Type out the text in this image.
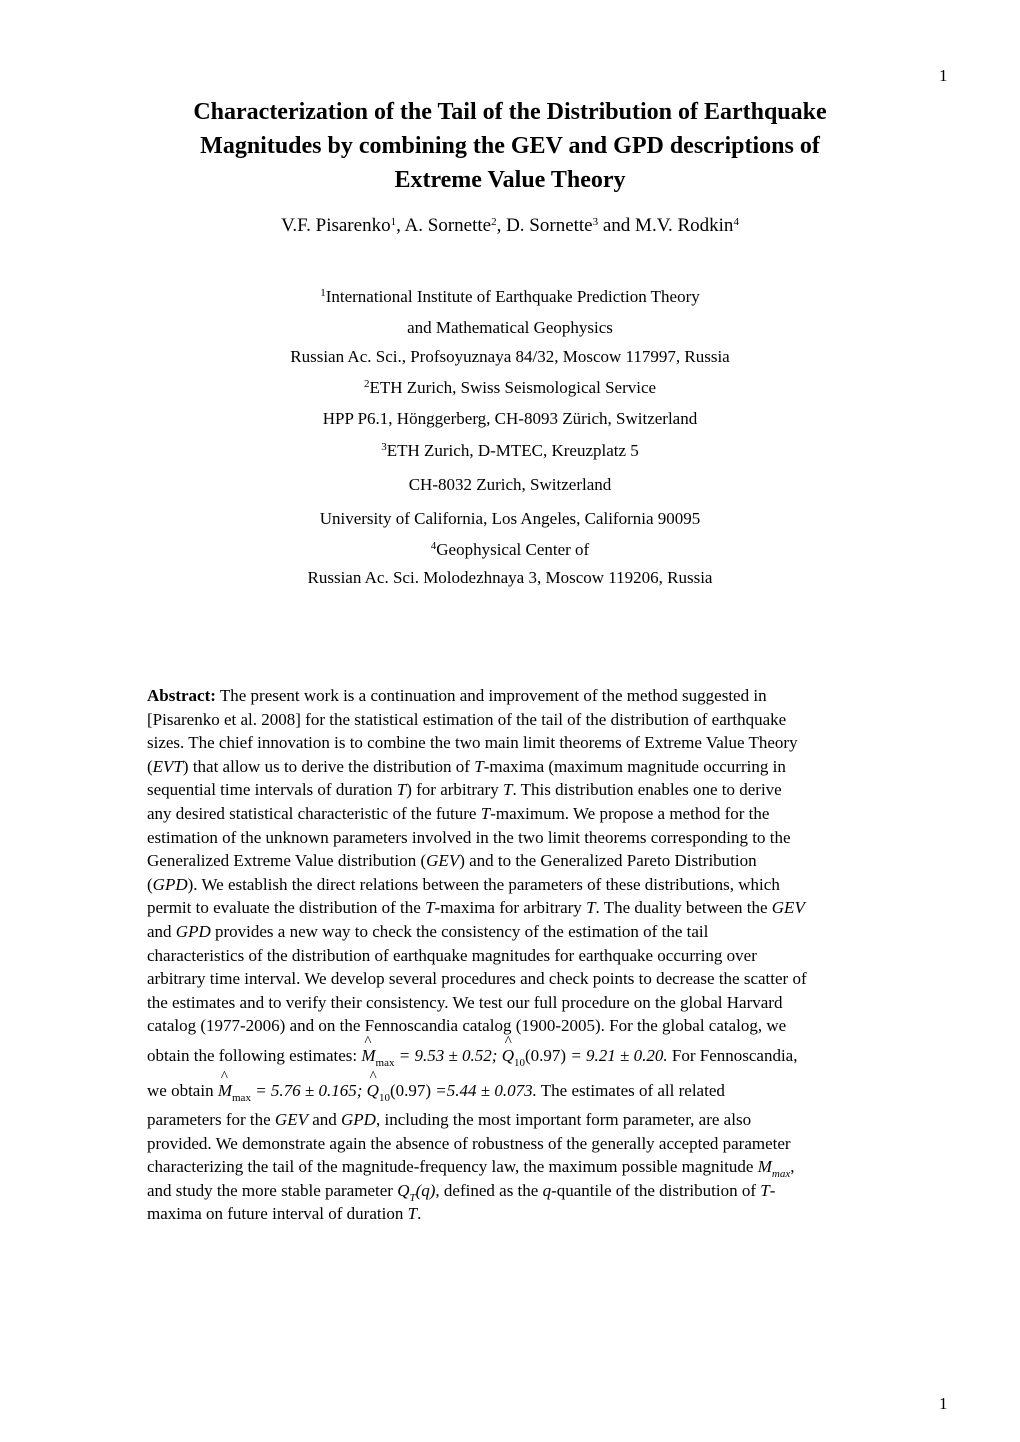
1
Characterization of the Tail of the Distribution of Earthquake
Magnitudes by combining the GEV and GPD descriptions of
Extreme Value Theory
V.F. Pisarenko$^1$, A. Sornette$^2$, D. Sornette$^3$ and M.V. Rodkin$^4$
$^1$International Institute of Earthquake Prediction Theory
and Mathematical Geophysics
Russian Ac. Sci., Profsoyuznaya 84/32, Moscow 117997, Russia
$^2$ETH Zurich, Swiss Seismological Service
HPP P6.1, Hönggerberg, CH-8093 Zürich, Switzerland
$^3$ETH Zurich, D-MTEC, Kreuzplatz 5
CH-8032 Zurich, Switzerland
University of California, Los Angeles, California 90095
$^4$Geophysical Center of
Russian Ac. Sci. Molodezhnaya 3, Moscow 119206, Russia
Abstract: The present work is a continuation and improvement of the method suggested in
[Pisarenko et al. 2008] for the statistical estimation of the tail of the distribution of earthquake
sizes. The chief innovation is to combine the two main limit theorems of Extreme Value Theory
(EVT) that allow us to derive the distribution of T-maxima (maximum magnitude occurring in
sequential time intervals of duration T) for arbitrary T. This distribution enables one to derive
any desired statistical characteristic of the future T-maximum. We propose a method for the
estimation of the unknown parameters involved in the two limit theorems corresponding to the
Generalized Extreme Value distribution (GEV) and to the Generalized Pareto Distribution
(GPD). We establish the direct relations between the parameters of these distributions, which
permit to evaluate the distribution of the T-maxima for arbitrary T. The duality between the GEV
and GPD provides a new way to check the consistency of the estimation of the tail
characteristics of the distribution of earthquake magnitudes for earthquake occurring over
arbitrary time interval. We develop several procedures and check points to decrease the scatter of
the estimates and to verify their consistency. We test our full procedure on the global Harvard
catalog (1977-2006) and on the Fennoscandia catalog (1900-2005). For the global catalog, we
obtain the following estimates: ^ $M_{max} = 9.53 \pm 0.52$; ^ $Q_{10}(0.97) = 9.21 \pm 0.20$. For Fennoscandia,
we obtain ^ $M_{max} = 5.76 \pm 0.165$; ^ $Q_{10}(0.97) =5.44 \pm 0.073$. The estimates of all related
parameters for the GEV and GPD, including the most important form parameter, are also
provided. We demonstrate again the absence of robustness of the generally accepted parameter
characterizing the tail of the magnitude-frequency law, the maximum possible magnitude $M_{max}$,
and study the more stable parameter $Q_T(q)$, defined as the q-quantile of the distribution of T-
maxima on future interval of duration T.
1
